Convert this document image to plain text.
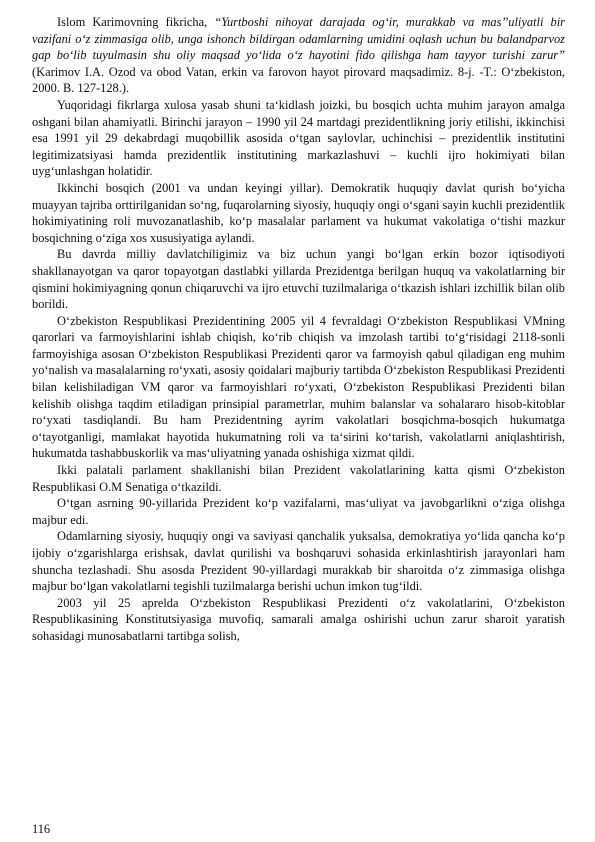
Islom Karimovning fikricha, “Yurtboshi nihoyat darajada og‘ir, murakkab va mas’’uliyatli bir vazifani o‘z zimmasiga olib, unga ishonch bildirgan odamlarning umidini oqlash uchun bu balandparvoz gap bo‘lib tuyulmasin shu oliy maqsad yo‘lida o‘z hayotini fido qilishga ham tayyor turishi zarur” (Karimov I.A. Ozod va obod Vatan, erkin va farovon hayot pirovard maqsadimiz. 8-j. -T.: O‘zbekiston, 2000. B. 127-128.).

Yuqoridagi fikrlarga xulosa yasab shuni ta‘kidlash joizki, bu bosqich uchta muhim jarayon amalga oshgani bilan ahamiyatli. Birinchi jarayon – 1990 yil 24 martdagi prezidentlikning joriy etilishi, ikkinchisi esa 1991 yil 29 dekabrdagi muqobillik asosida o‘tgan saylovlar, uchinchisi – prezidentlik institutini legitimizatsiyasi hamda prezidentlik institutining markazlashuvi – kuchli ijro hokimiyati bilan uyg‘unlashgan holatidir.

Ikkinchi bosqich (2001 va undan keyingi yillar). Demokratik huquqiy davlat qurish bo‘yicha muayyan tajriba orttirilganidan so‘ng, fuqarolarning siyosiy, huquqiy ongi o‘sgani sayin kuchli prezidentlik hokimiyatining roli muvozanatlashib, ko‘p masalalar parlament va hukumat vakolatiga o‘tishi mazkur bosqichning o‘ziga xos xususiyatiga aylandi.

Bu davrda milliy davlatchiligimiz va biz uchun yangi bo‘lgan erkin bozor iqtisodiyoti shakllanayotgan va qaror topayotgan dastlabki yillarda Prezidentga berilgan huquq va vakolatlarning bir qismini hokimiyagning qonun chiqaruvchi va ijro etuvchi tuzilmalariga o‘tkazish ishlari izchillik bilan olib borildi.

O‘zbekiston Respublikasi Prezidentining 2005 yil 4 fevraldagi O‘zbekiston Respublikasi VMning qarorlari va farmoyishlarini ishlab chiqish, ko‘rib chiqish va imzolash tartibi to‘g‘risidagi 2118-sonli farmoyishiga asosan O‘zbekiston Respublikasi Prezidenti qaror va farmoyish qabul qiladigan eng muhim yo‘nalish va masalalarning ro‘yxati, asosiy qoidalari majburiy tartibda O‘zbekiston Respublikasi Prezidenti bilan kelishiladigan VM qaror va farmoyishlari ro‘yxati, O‘zbekiston Respublikasi Prezidenti bilan kelishib olishga taqdim etiladigan prinsipial parametrlar, muhim balanslar va sohalararo hisob-kitoblar ro‘yxati tasdiqlandi. Bu ham Prezidentning ayrim vakolatlari bosqichma-bosqich hukumatga o‘tayotganligi, mamlakat hayotida hukumatning roli va ta‘sirini ko‘tarish, vakolatlarni aniqlashtirish, hukumatda tashabbuskorlik va mas‘uliyatning yanada oshishiga xizmat qildi.

Ikki palatali parlament shakllanishi bilan Prezident vakolatlarining katta qismi O‘zbekiston Respublikasi O.M Senatiga o‘tkazildi.

O‘tgan asrning 90-yillarida Prezident ko‘p vazifalarni, mas‘uliyat va javobgarlikni o‘ziga olishga majbur edi.

Odamlarning siyosiy, huquqiy ongi va saviyasi qanchalik yuksalsa, demokratiya yo‘lida qancha ko‘p ijobiy o‘zgarishlarga erishsak, davlat qurilishi va boshqaruvi sohasida erkinlashtirish jarayonlari ham shuncha tezlashadi. Shu asosda Prezident 90-yillardagi murakkab bir sharoitda o‘z zimmasiga olishga majbur bo‘lgan vakolatlarni tegishli tuzilmalarga berishi uchun imkon tug‘ildi.

2003 yil 25 aprelda O‘zbekiston Respublikasi Prezidenti o‘z vakolatlarini, O‘zbekiston Respublikasining Konstitutsiyasiga muvofiq, samarali amalga oshirishi uchun zarur sharoit yaratish sohasidagi munosabatlarni tartibga solish,

116
